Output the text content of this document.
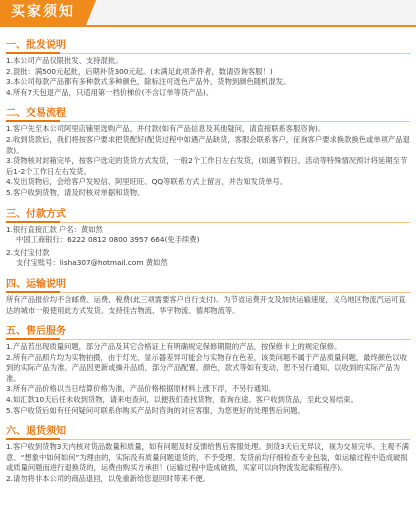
买家须知
一、批发说明
1.本公司产品仅限批发、支持混批。
2.混批：满500元起批，后期补货300元起。(未满足此项条件者，数请咨询客服！)
3.本公司每款产品都有多种款式多种颜色，除标注可选色产品外，货物到颜色随机混发。
4.所有7天包退产品，只适用第一档价梯价(不含订单等货产品)。
二、交易流程
1.客户先至本公司阿里店铺里选购产品，并付款(如有产品信息及其他疑问，请直接联系客服咨询)。
2.收到货款后，我们将按客户要求把货配好(配货过程中如遇产品缺货，客服会联系客户，征询客户要求换款换色或单项产品退款)。
3.货物核对封箱完毕，按客户选定的货货方式发货，一般2个工作日左右发货，(如遇节假日，活动等特殊情况预计将延期至节后1-2个工作日左右发货。
4.发出货物后，会给客户发短信、阿里旺旺、QQ等联系方式上留言，并告知发货单号。
5.客户收到货物，请及时核对单据和货物。
三、付款方式
1.银行直接汇款 户名：黄如然
中国工商银行：6222 0812 0800 3957 664(免手续费)
2.支付宝付款
支付宝账号：lisha307@hotmail.com 黄如然
四、运输说明
所有产品报价均不含邮费、运费、税费(此三项需要客户自行支付)。为节省运费开支及加快运输速度，义乌地区物流汽运可直达的城市一般使用此方式发货。支持佳吉物流、华宇物流、德邦物流等。
五、售后服务
1.产品若出现质量问题，部分产品及其它合格证上有明确规定保修期限的产品，按保修卡上的规定保修。
2.所有产品照片均为实物拍摄，由于灯光、显示器差异可能会与实物存在色差，该类问题不属于产品质量问题，最终颜色以收到的实际产品为准。产品因更新或操升品质，部分产品配置，颜色，款式等如有变动，恕不另行通知，以收到的实际产品为准。
3.所有产品价格以当日结算价格为准，产品价格根据原材料上涨下浮，不另行通知。
4.如汇款10天后任未收到货物，请来电查问，以便我们查找货物，查询在途。客户收到货品，至此交易结束。
5.客户收货后如有任何疑问可联系你购买产品时咨询的对应客服，为您更好的处理售后问题。
六、退货须知
1.客户收到货物3天内核对货品数量和质量，如有问题及时反馈给售后客服处理。到货3天后无异议，视为交易完毕。主观不满意、“想象中如何如何”为理由的，实际没有质量问题退货的，不予受理。发货前均仔细检查专业包装，如运输过程中造成破损或质量问题而进行退换货的，运费由购买方承担！(运输过程中造成破损，买家可以向物流发起索赔程序)。
2.请勿将非本公司的商品退回，以免重新给您退回时带来不便。
